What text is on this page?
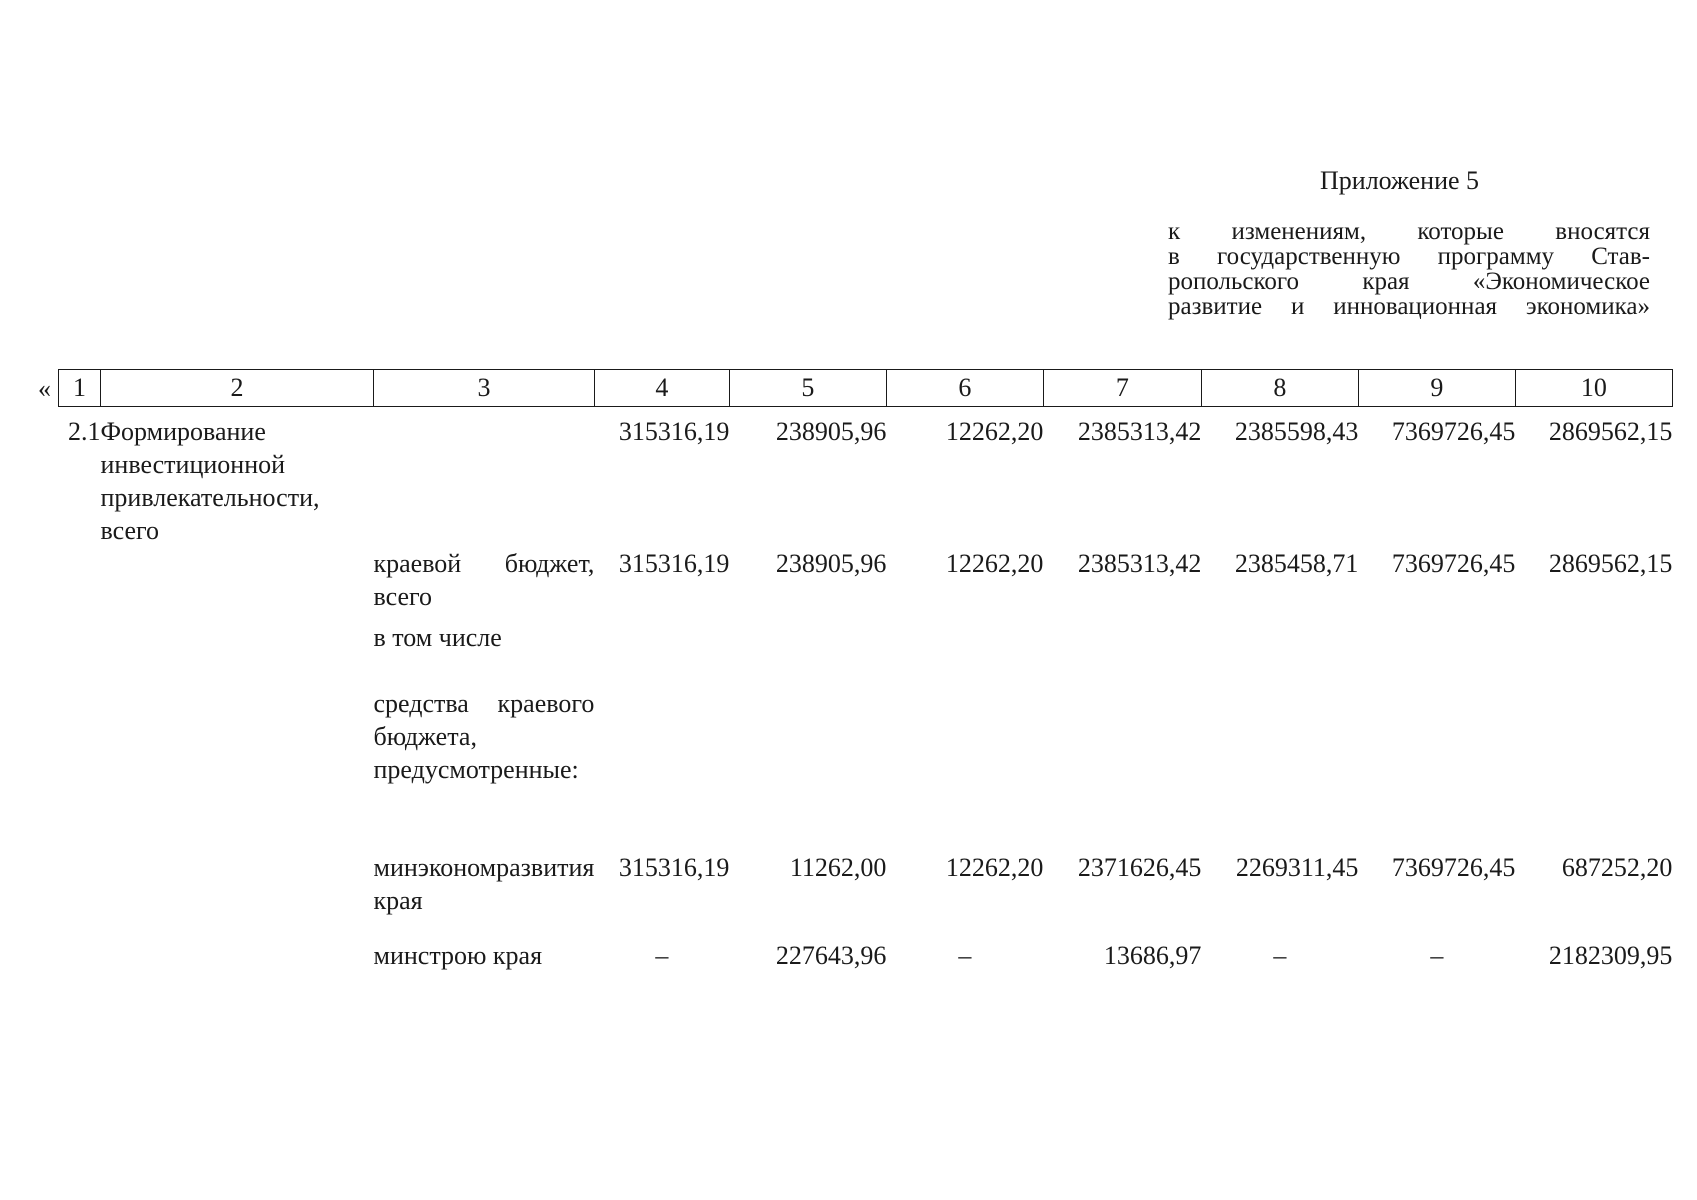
Приложение 5
к изменениям, которые вносятся
в государственную программу Став-
ропольского края «Экономическое
развитие и инновационная экономика»
« 1	2	3	4	5	6	7	8	9	10
2.1	Формирование инвестиционной привлекательности, всего		315316,19	238905,96	12262,20	2385313,42	2385598,43	7369726,45	2869562,15
		краевой бюджет, всего	315316,19	238905,96	12262,20	2385313,42	2385458,71	7369726,45	2869562,15
		в том числе							
		средства краевого бюджета, предусмотренные:							
		минэкономразвития края	315316,19	11262,00	12262,20	2371626,45	2269311,45	7369726,45	687252,20
		минстрою края	–	227643,96	–	13686,97	–	–	2182309,95
